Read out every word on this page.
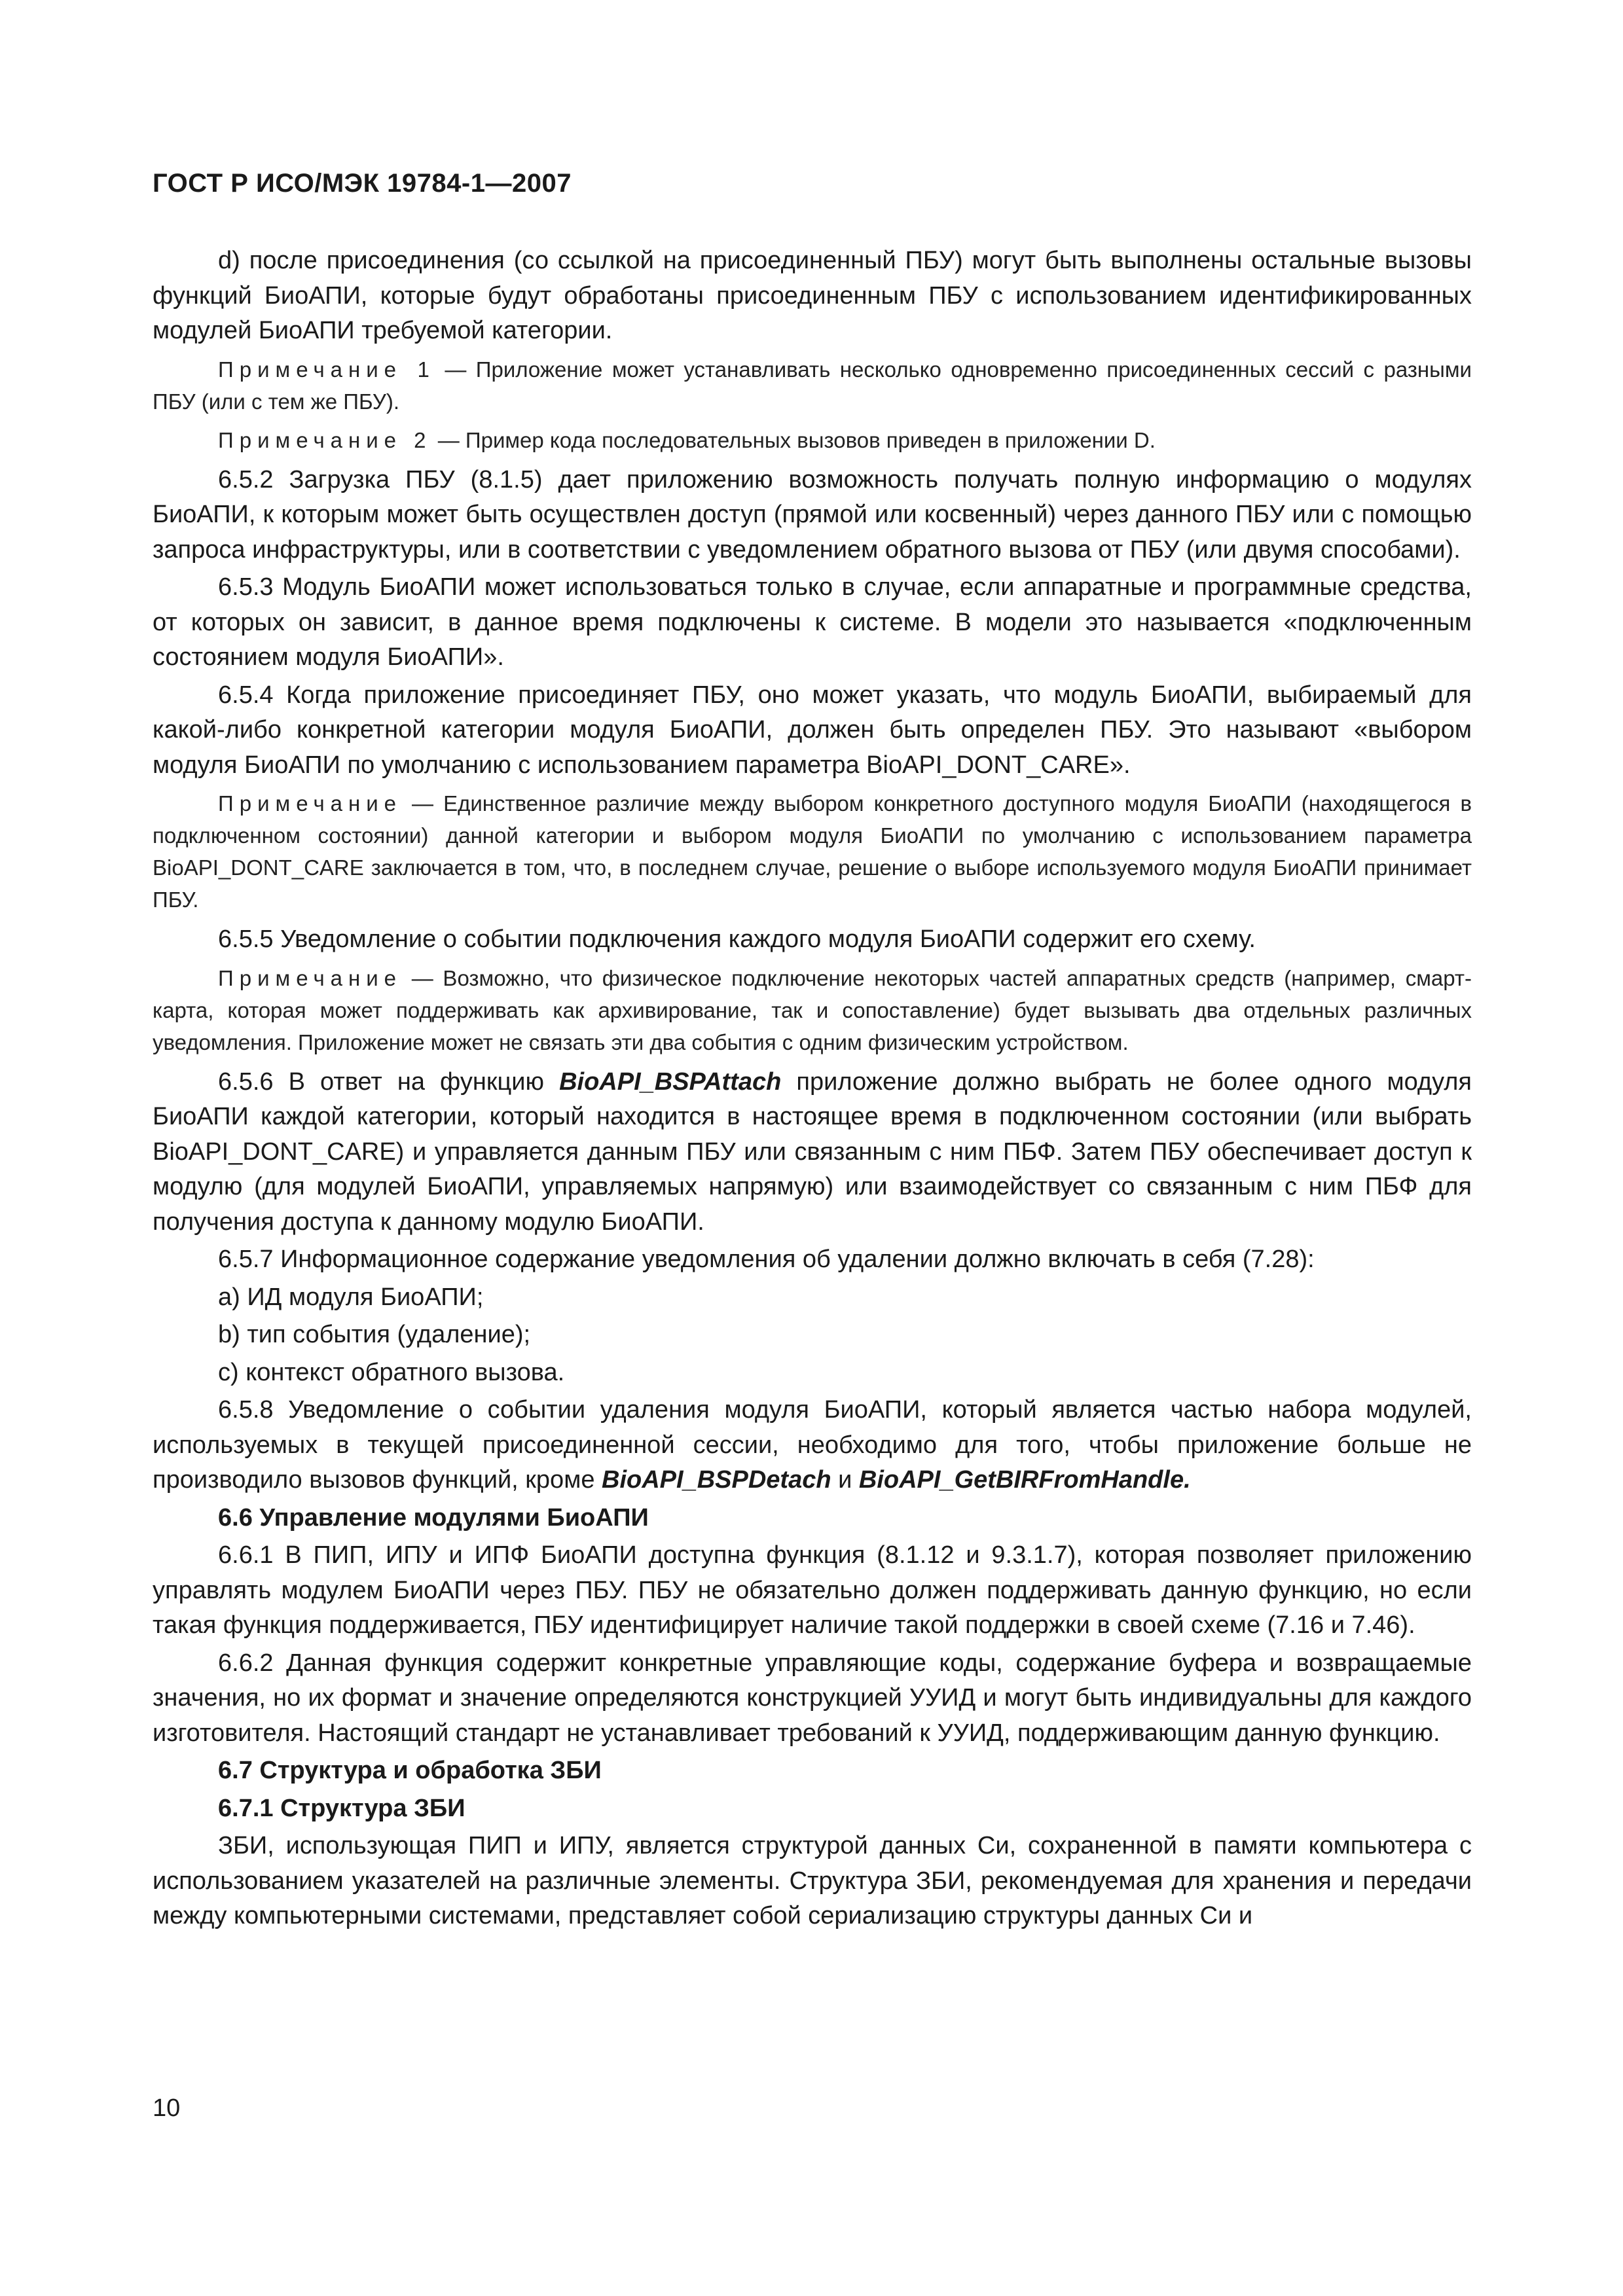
ГОСТ Р ИСО/МЭК 19784-1—2007

d) после присоединения (со ссылкой на присоединенный ПБУ) могут быть выполнены остальные вызовы функций БиоАПИ, которые будут обработаны присоединенным ПБУ с использованием идентификированных модулей БиоАПИ требуемой категории.

Примечание 1 — Приложение может устанавливать несколько одновременно присоединенных сессий с разными ПБУ (или с тем же ПБУ).

Примечание 2 — Пример кода последовательных вызовов приведен в приложении D.

6.5.2 Загрузка ПБУ (8.1.5) дает приложению возможность получать полную информацию о модулях БиоАПИ, к которым может быть осуществлен доступ (прямой или косвенный) через данного ПБУ или с помощью запроса инфраструктуры, или в соответствии с уведомлением обратного вызова от ПБУ (или двумя способами).

6.5.3 Модуль БиоАПИ может использоваться только в случае, если аппаратные и программные средства, от которых он зависит, в данное время подключены к системе. В модели это называется «подключенным состоянием модуля БиоАПИ».

6.5.4 Когда приложение присоединяет ПБУ, оно может указать, что модуль БиоАПИ, выбираемый для какой-либо конкретной категории модуля БиоАПИ, должен быть определен ПБУ. Это называют «выбором модуля БиоАПИ по умолчанию с использованием параметра BioAPI_DONT_CARE».

Примечание — Единственное различие между выбором конкретного доступного модуля БиоАПИ (находящегося в подключенном состоянии) данной категории и выбором модуля БиоАПИ по умолчанию с использованием параметра BioAPI_DONT_CARE заключается в том, что, в последнем случае, решение о выборе используемого модуля БиоАПИ принимает ПБУ.

6.5.5 Уведомление о событии подключения каждого модуля БиоАПИ содержит его схему.

Примечание — Возможно, что физическое подключение некоторых частей аппаратных средств (например, смарт-карта, которая может поддерживать как архивирование, так и сопоставление) будет вызывать два отдельных различных уведомления. Приложение может не связать эти два события с одним физическим устройством.

6.5.6 В ответ на функцию BioAPI_BSPAttach приложение должно выбрать не более одного модуля БиоАПИ каждой категории, который находится в настоящее время в подключенном состоянии (или выбрать BioAPI_DONT_CARE) и управляется данным ПБУ или связанным с ним ПБФ. Затем ПБУ обеспечивает доступ к модулю (для модулей БиоАПИ, управляемых напрямую) или взаимодействует со связанным с ним ПБФ для получения доступа к данному модулю БиоАПИ.

6.5.7 Информационное содержание уведомления об удалении должно включать в себя (7.28):

a) ИД модуля БиоАПИ;

b) тип события (удаление);

c) контекст обратного вызова.

6.5.8 Уведомление о событии удаления модуля БиоАПИ, который является частью набора модулей, используемых в текущей присоединенной сессии, необходимо для того, чтобы приложение больше не производило вызовов функций, кроме BioAPI_BSPDetach и BioAPI_GetBIRFromHandle.

6.6 Управление модулями БиоАПИ

6.6.1 В ПИП, ИПУ и ИПФ БиоАПИ доступна функция (8.1.12 и 9.3.1.7), которая позволяет приложению управлять модулем БиоАПИ через ПБУ. ПБУ не обязательно должен поддерживать данную функцию, но если такая функция поддерживается, ПБУ идентифицирует наличие такой поддержки в своей схеме (7.16 и 7.46).

6.6.2 Данная функция содержит конкретные управляющие коды, содержание буфера и возвращаемые значения, но их формат и значение определяются конструкцией УУИД и могут быть индивидуальны для каждого изготовителя. Настоящий стандарт не устанавливает требований к УУИД, поддерживающим данную функцию.

6.7 Структура и обработка ЗБИ

6.7.1 Структура ЗБИ

ЗБИ, использующая ПИП и ИПУ, является структурой данных Си, сохраненной в памяти компьютера с использованием указателей на различные элементы. Структура ЗБИ, рекомендуемая для хранения и передачи между компьютерными системами, представляет собой сериализацию структуры данных Си и

10
